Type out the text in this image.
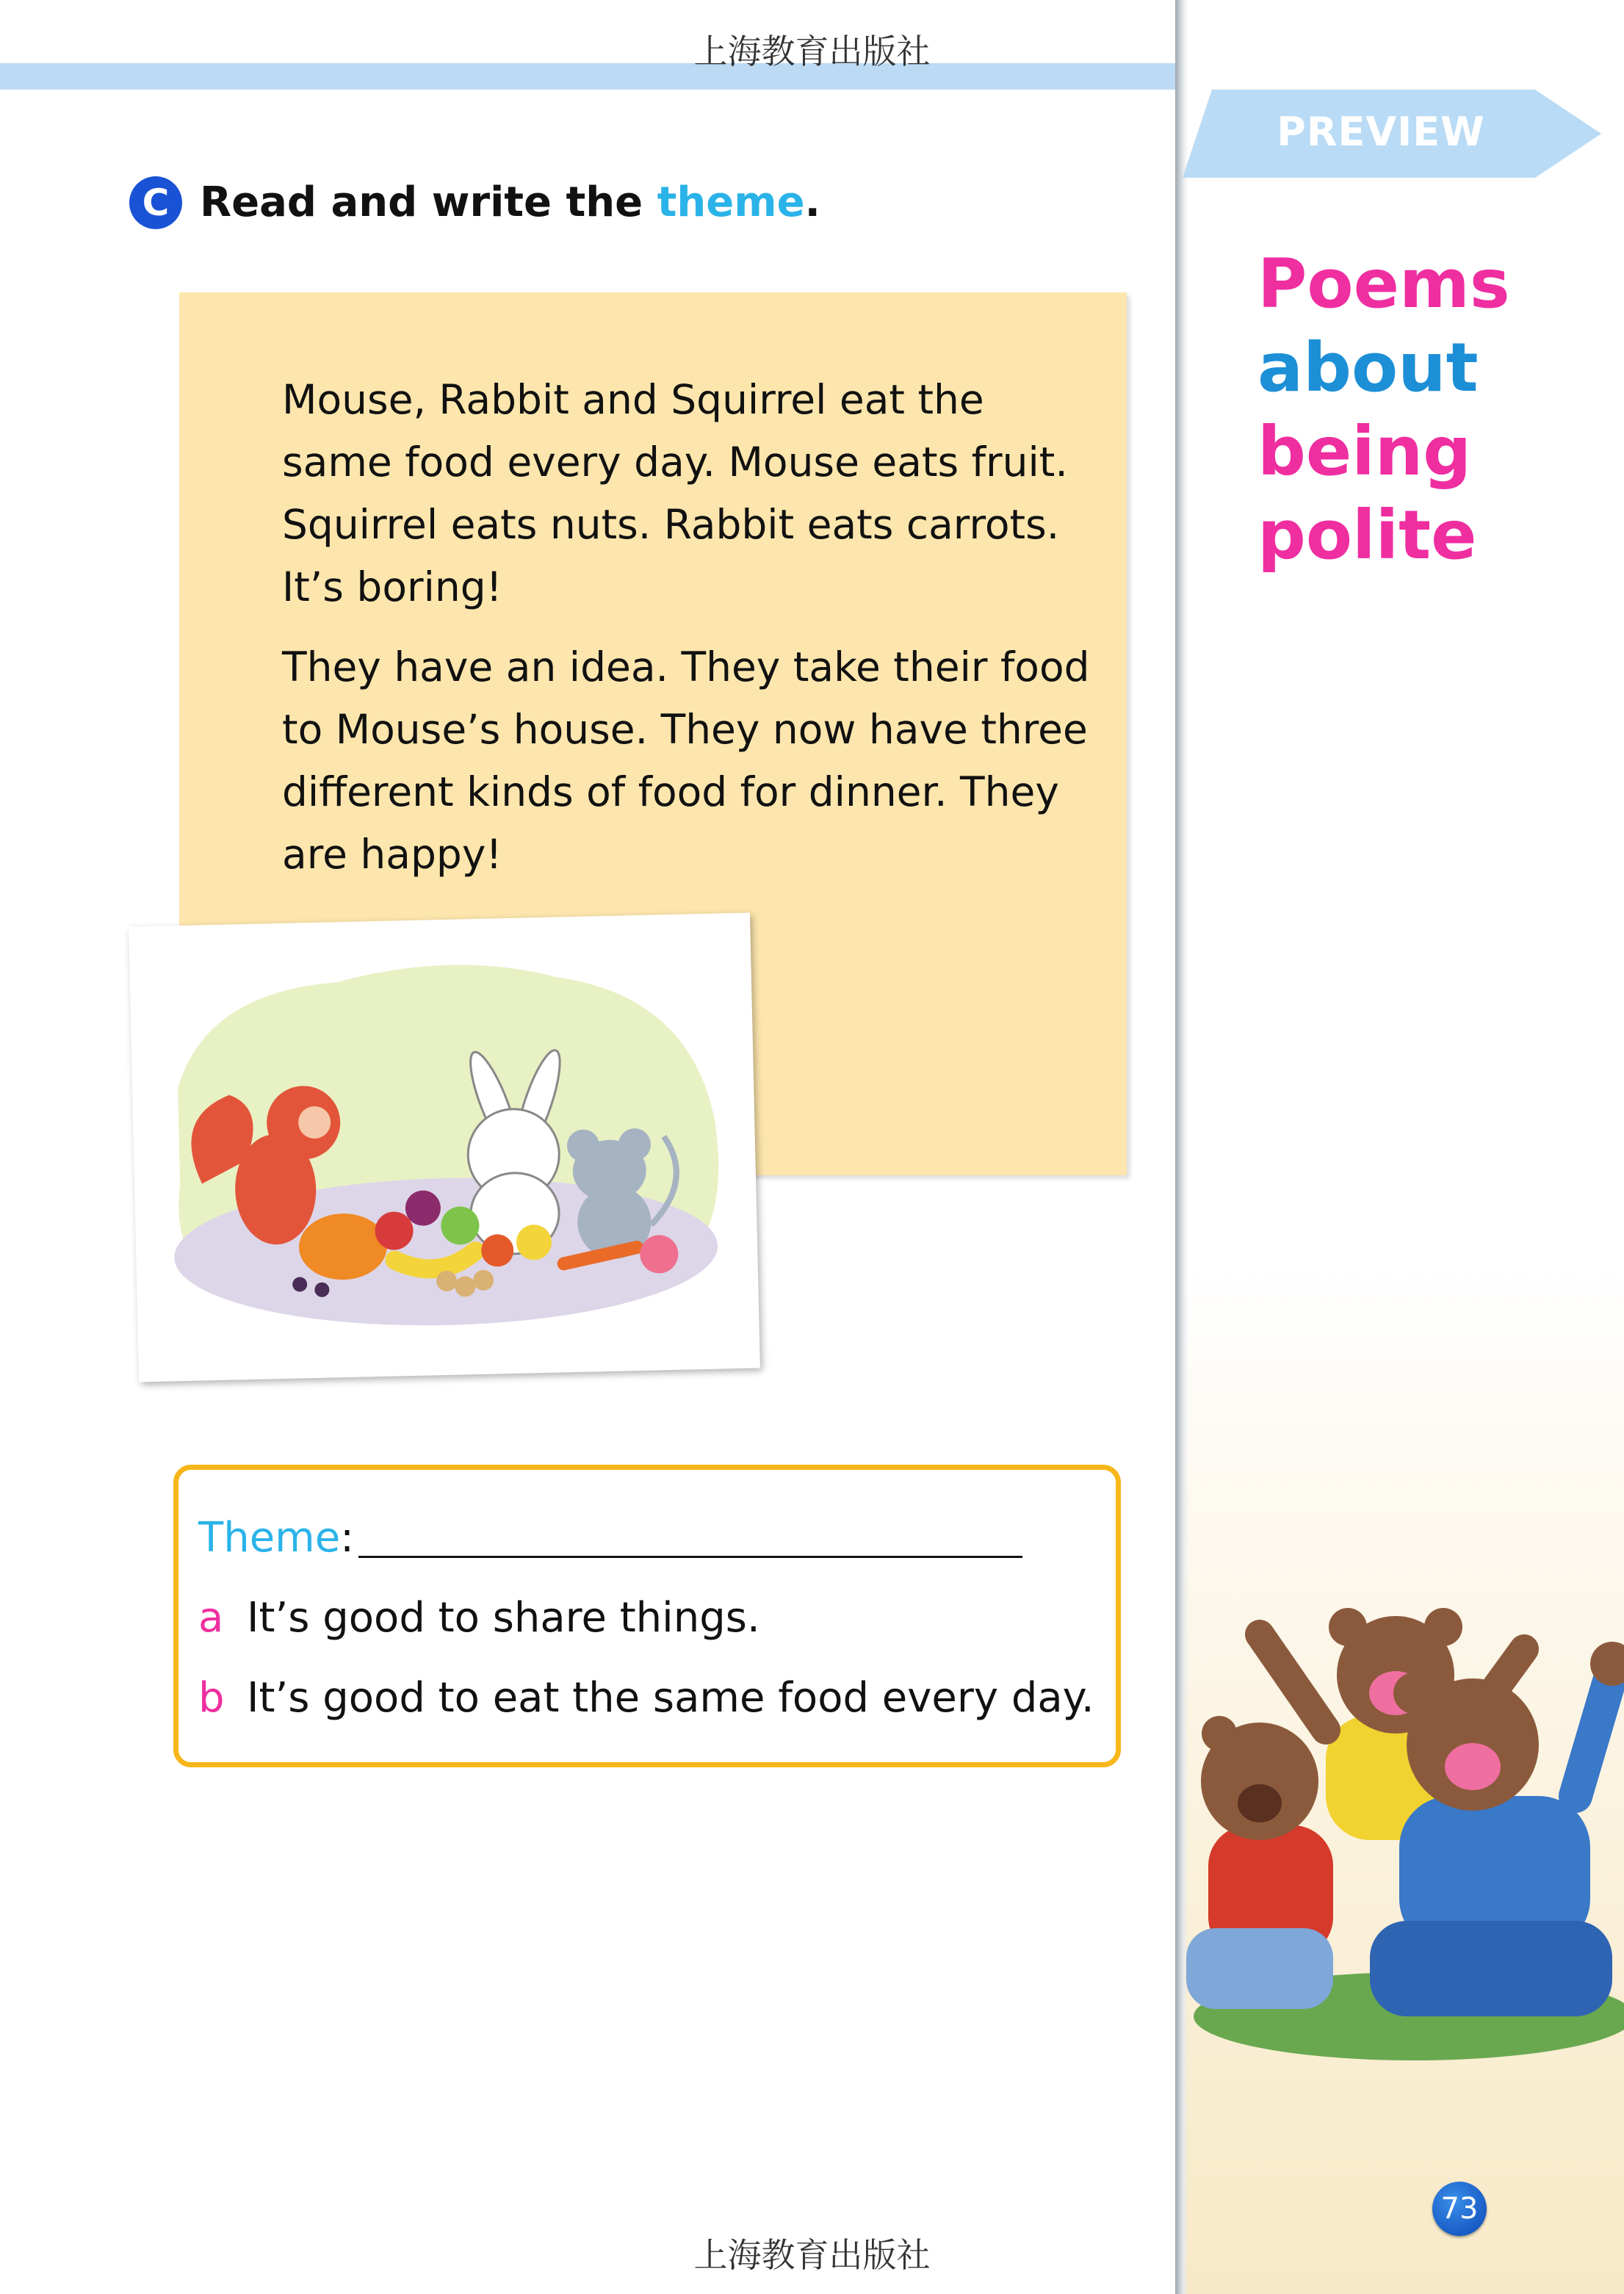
上海教育出版社
PREVIEW
Poems
about
being
polite
73
C Read and write the theme.

Mouse, Rabbit and Squirrel eat the same food every day. Mouse eats fruit. Squirrel eats nuts. Rabbit eats carrots. It’s boring!

They have an idea. They take their food to Mouse’s house. They now have three different kinds of food for dinner. They are happy!

Theme:
a It’s good to share things.
b It’s good to eat the same food every day.
上海教育出版社
